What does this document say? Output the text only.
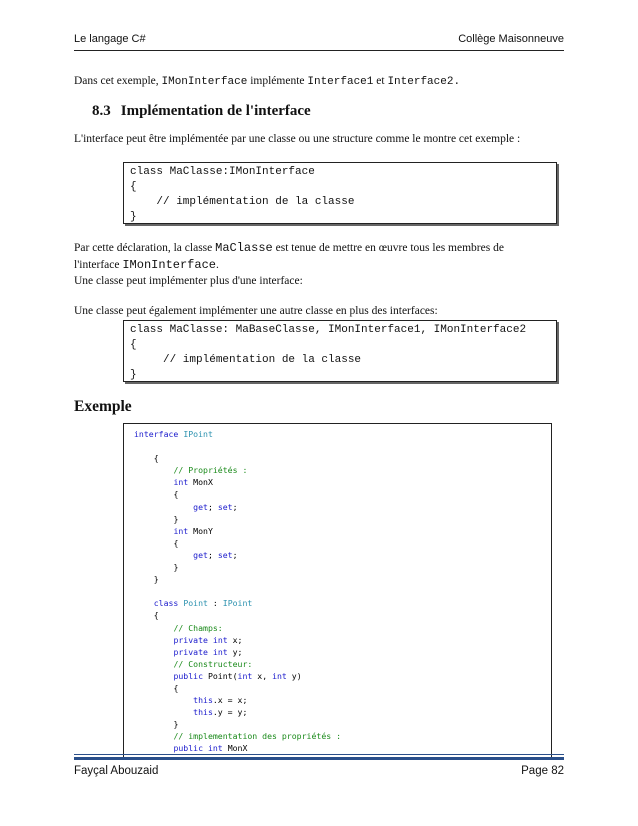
Le langage C#	Collège Maisonneuve
Dans cet exemple, IMonInterface implémente Interface1 et Interface2.
8.3 Implémentation de l'interface
L'interface peut être implémentée par une classe ou une structure comme le montre cet exemple :
class MaClasse:IMonInterface
{
// implémentation de la classe
}
Par cette déclaration, la classe MaClasse est tenue de mettre en œuvre tous les membres de
l'interface IMonInterface.
Une classe peut implémenter plus d'une interface:
Une classe peut également implémenter une autre classe en plus des interfaces:
class MaClasse: MaBaseClasse, IMonInterface1, IMonInterface2
{
// implémentation de la classe
}
Exemple
interface IPoint

{
// Propriétés :
int MonX
{
get; set;
}
int MonY
{
get; set;
}
}

class Point : IPoint
{
// Champs:
private int x;
private int y;
// Constructeur:
public Point(int x, int y)
{
this.x = x;
this.y = y;
}
// implementation des propriétés :
public int MonX
Fayçal Abouzaid	Page 82
